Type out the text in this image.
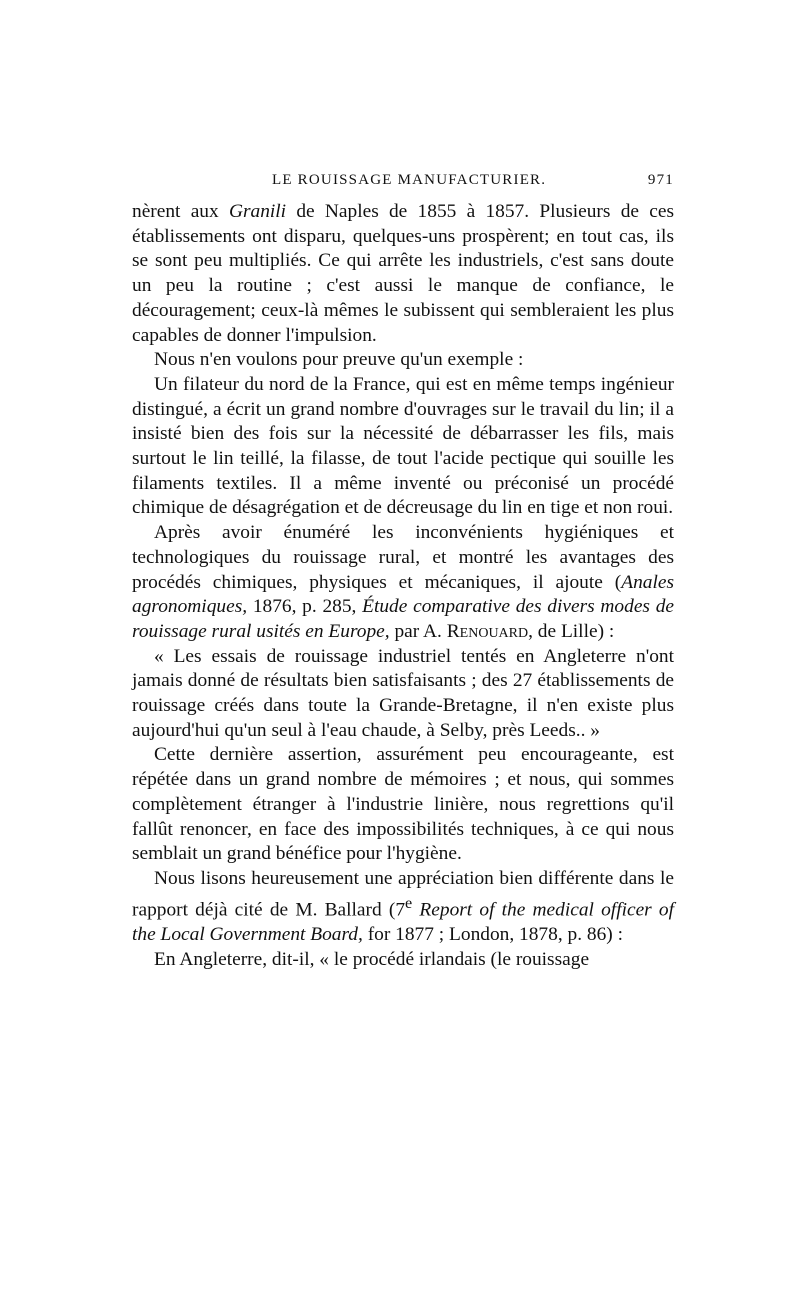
LE ROUISSAGE MANUFACTURIER.	971

nèrent aux Granili de Naples de 1855 à 1857. Plusieurs de ces établissements ont disparu, quelques-uns prospèrent; en tout cas, ils se sont peu multipliés. Ce qui arrête les industriels, c'est sans doute un peu la routine ; c'est aussi le manque de confiance, le découragement; ceux-là mêmes le subissent qui sembleraient les plus capables de donner l'impulsion.

Nous n'en voulons pour preuve qu'un exemple :

Un filateur du nord de la France, qui est en même temps ingénieur distingué, a écrit un grand nombre d'ouvrages sur le travail du lin; il a insisté bien des fois sur la nécessité de débarrasser les fils, mais surtout le lin teillé, la filasse, de tout l'acide pectique qui souille les filaments textiles. Il a même inventé ou préconisé un procédé chimique de désagrégation et de décreusage du lin en tige et non roui.

Après avoir énuméré les inconvénients hygiéniques et technologiques du rouissage rural, et montré les avantages des procédés chimiques, physiques et mécaniques, il ajoute (Anales agronomiques, 1876, p. 285, Étude comparative des divers modes de rouissage rural usités en Europe, par A. Renouard, de Lille) :

« Les essais de rouissage industriel tentés en Angleterre n'ont jamais donné de résultats bien satisfaisants ; des 27 établissements de rouissage créés dans toute la Grande-Bretagne, il n'en existe plus aujourd'hui qu'un seul à l'eau chaude, à Selby, près Leeds.. »

Cette dernière assertion, assurément peu encourageante, est répétée dans un grand nombre de mémoires ; et nous, qui sommes complètement étranger à l'industrie linière, nous regrettions qu'il fallût renoncer, en face des impossibilités techniques, à ce qui nous semblait un grand bénéfice pour l'hygiène.

Nous lisons heureusement une appréciation bien différente dans le rapport déjà cité de M. Ballard (7e Report of the medical officer of the Local Government Board, for 1877 ; London, 1878, p. 86) :

En Angleterre, dit-il, « le procédé irlandais (le rouissage
